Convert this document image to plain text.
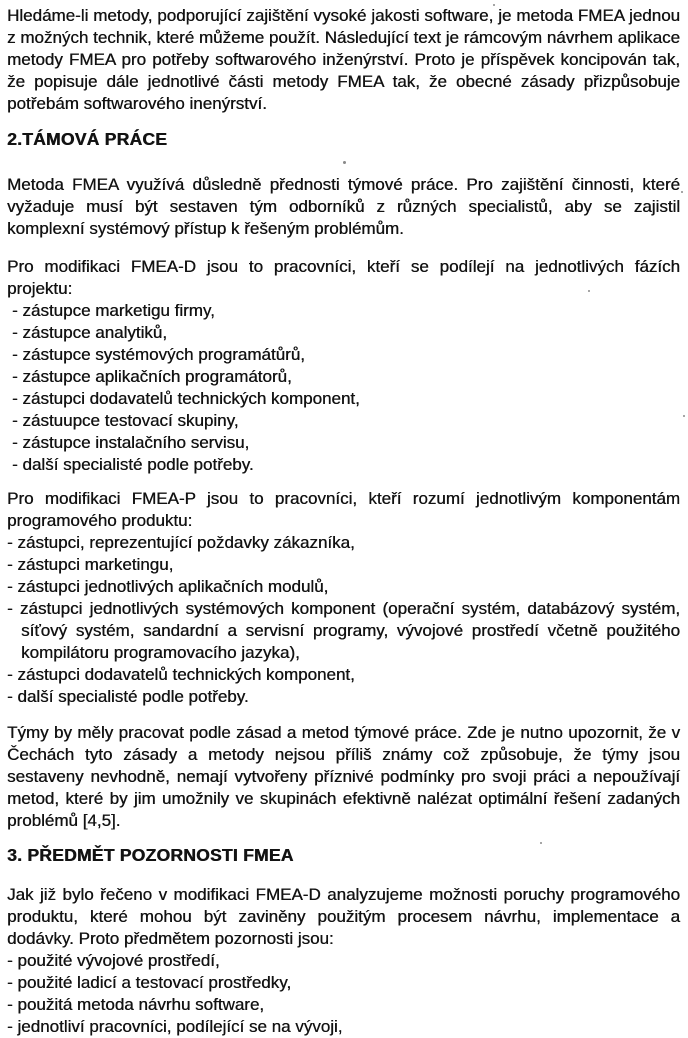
Hledáme-li metody, podporující zajištění vysoké jakosti software, je metoda FMEA jednou z možných technik, které můžeme použít. Následující text je rámcovým návrhem aplikace metody FMEA pro potřeby softwarového inženýrství. Proto je příspěvek koncipován tak, že popisuje dále jednotlivé části metody FMEA tak, že obecné zásady přizpůsobuje potřebám softwarového inenýrství.

2.TÁMOVÁ PRÁCE

Metoda FMEA využívá důsledně přednosti týmové práce. Pro zajištění činnosti, které vyžaduje musí být sestaven tým odborníků z různých specialistů, aby se zajistil komplexní systémový přístup k řešeným problémům.

Pro modifikaci FMEA-D jsou to pracovníci, kteří se podílejí na jednotlivých fázích projektu:

- zástupce marketigu firmy,
- zástupce analytiků,
- zástupce systémových programátůrů,
- zástupce aplikačních programátorů,
- zástupci dodavatelů technických komponent,
- zástuupce testovací skupiny,
- zástupce instalačního servisu,
- další specialisté podle potřeby.

Pro modifikaci FMEA-P jsou to pracovníci, kteří rozumí jednotlivým komponentám programového produktu:

- zástupci, reprezentující poždavky zákazníka,
- zástupci marketingu,
- zástupci jednotlivých aplikačních modulů,
- zástupci jednotlivých systémových komponent (operační systém, databázový systém, síťový systém, sandardní a servisní programy, vývojové prostředí včetně použitého kompilátoru programovacího jazyka),
- zástupci dodavatelů technických komponent,
- další specialisté podle potřeby.

Týmy by měly pracovat podle zásad a metod týmové práce. Zde je nutno upozornit, že v Čechách tyto zásady a metody nejsou příliš známy což způsobuje, že týmy jsou sestaveny nevhodně, nemají vytvořeny příznivé podmínky pro svoji práci a nepoužívají metod, které by jim umožnily ve skupinách efektivně nalézat optimální řešení zadaných problémů [4,5].

3. PŘEDMĚT POZORNOSTI FMEA

Jak již bylo řečeno v modifikaci FMEA-D analyzujeme možnosti poruchy programového produktu, které mohou být zaviněny použitým procesem návrhu, implementace a dodávky. Proto předmětem pozornosti jsou:

- použité vývojové prostředí,
- použité ladicí a testovací prostředky,
- použitá metoda návrhu software,
- jednotliví pracovníci, podílející se na vývoji,
